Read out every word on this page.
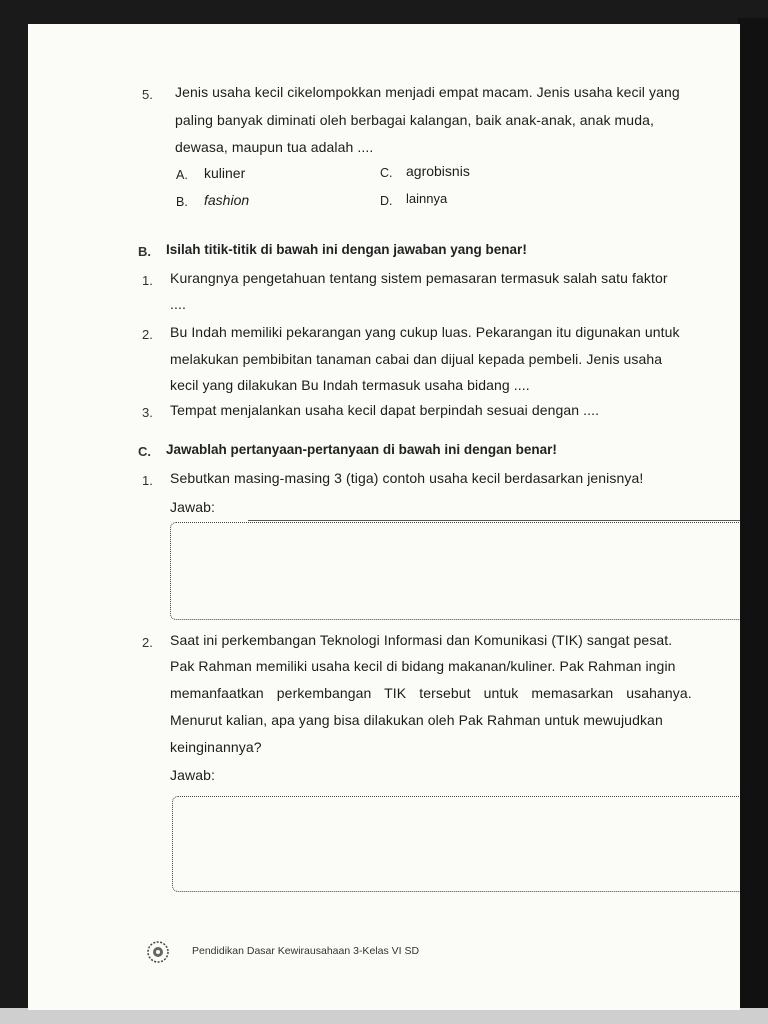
5. Jenis usaha kecil cikelompokkan menjadi empat macam. Jenis usaha kecil yang
paling banyak diminati oleh berbagai kalangan, baik anak-anak, anak muda,
dewasa, maupun tua adalah ....
A. kuliner
B. fashion
C. agrobisnis
D. lainnya
B. Isilah titik-titik di bawah ini dengan jawaban yang benar!
1. Kurangnya pengetahuan tentang sistem pemasaran termasuk salah satu faktor
....
2. Bu Indah memiliki pekarangan yang cukup luas. Pekarangan itu digunakan untuk
melakukan pembibitan tanaman cabai dan dijual kepada pembeli. Jenis usaha
kecil yang dilakukan Bu Indah termasuk usaha bidang ....
3. Tempat menjalankan usaha kecil dapat berpindah sesuai dengan ....
C. Jawablah pertanyaan-pertanyaan di bawah ini dengan benar!
1. Sebutkan masing-masing 3 (tiga) contoh usaha kecil berdasarkan jenisnya!
Jawab:
2. Saat ini perkembangan Teknologi Informasi dan Komunikasi (TIK) sangat pesat.
Pak Rahman memiliki usaha kecil di bidang makanan/kuliner. Pak Rahman ingin
memanfaatkan perkembangan TIK tersebut untuk memasarkan usahanya.
Menurut kalian, apa yang bisa dilakukan oleh Pak Rahman untuk mewujudkan
keinginannya?
Jawab:
Pendidikan Dasar Kewirausahaan 3-Kelas VI SD
